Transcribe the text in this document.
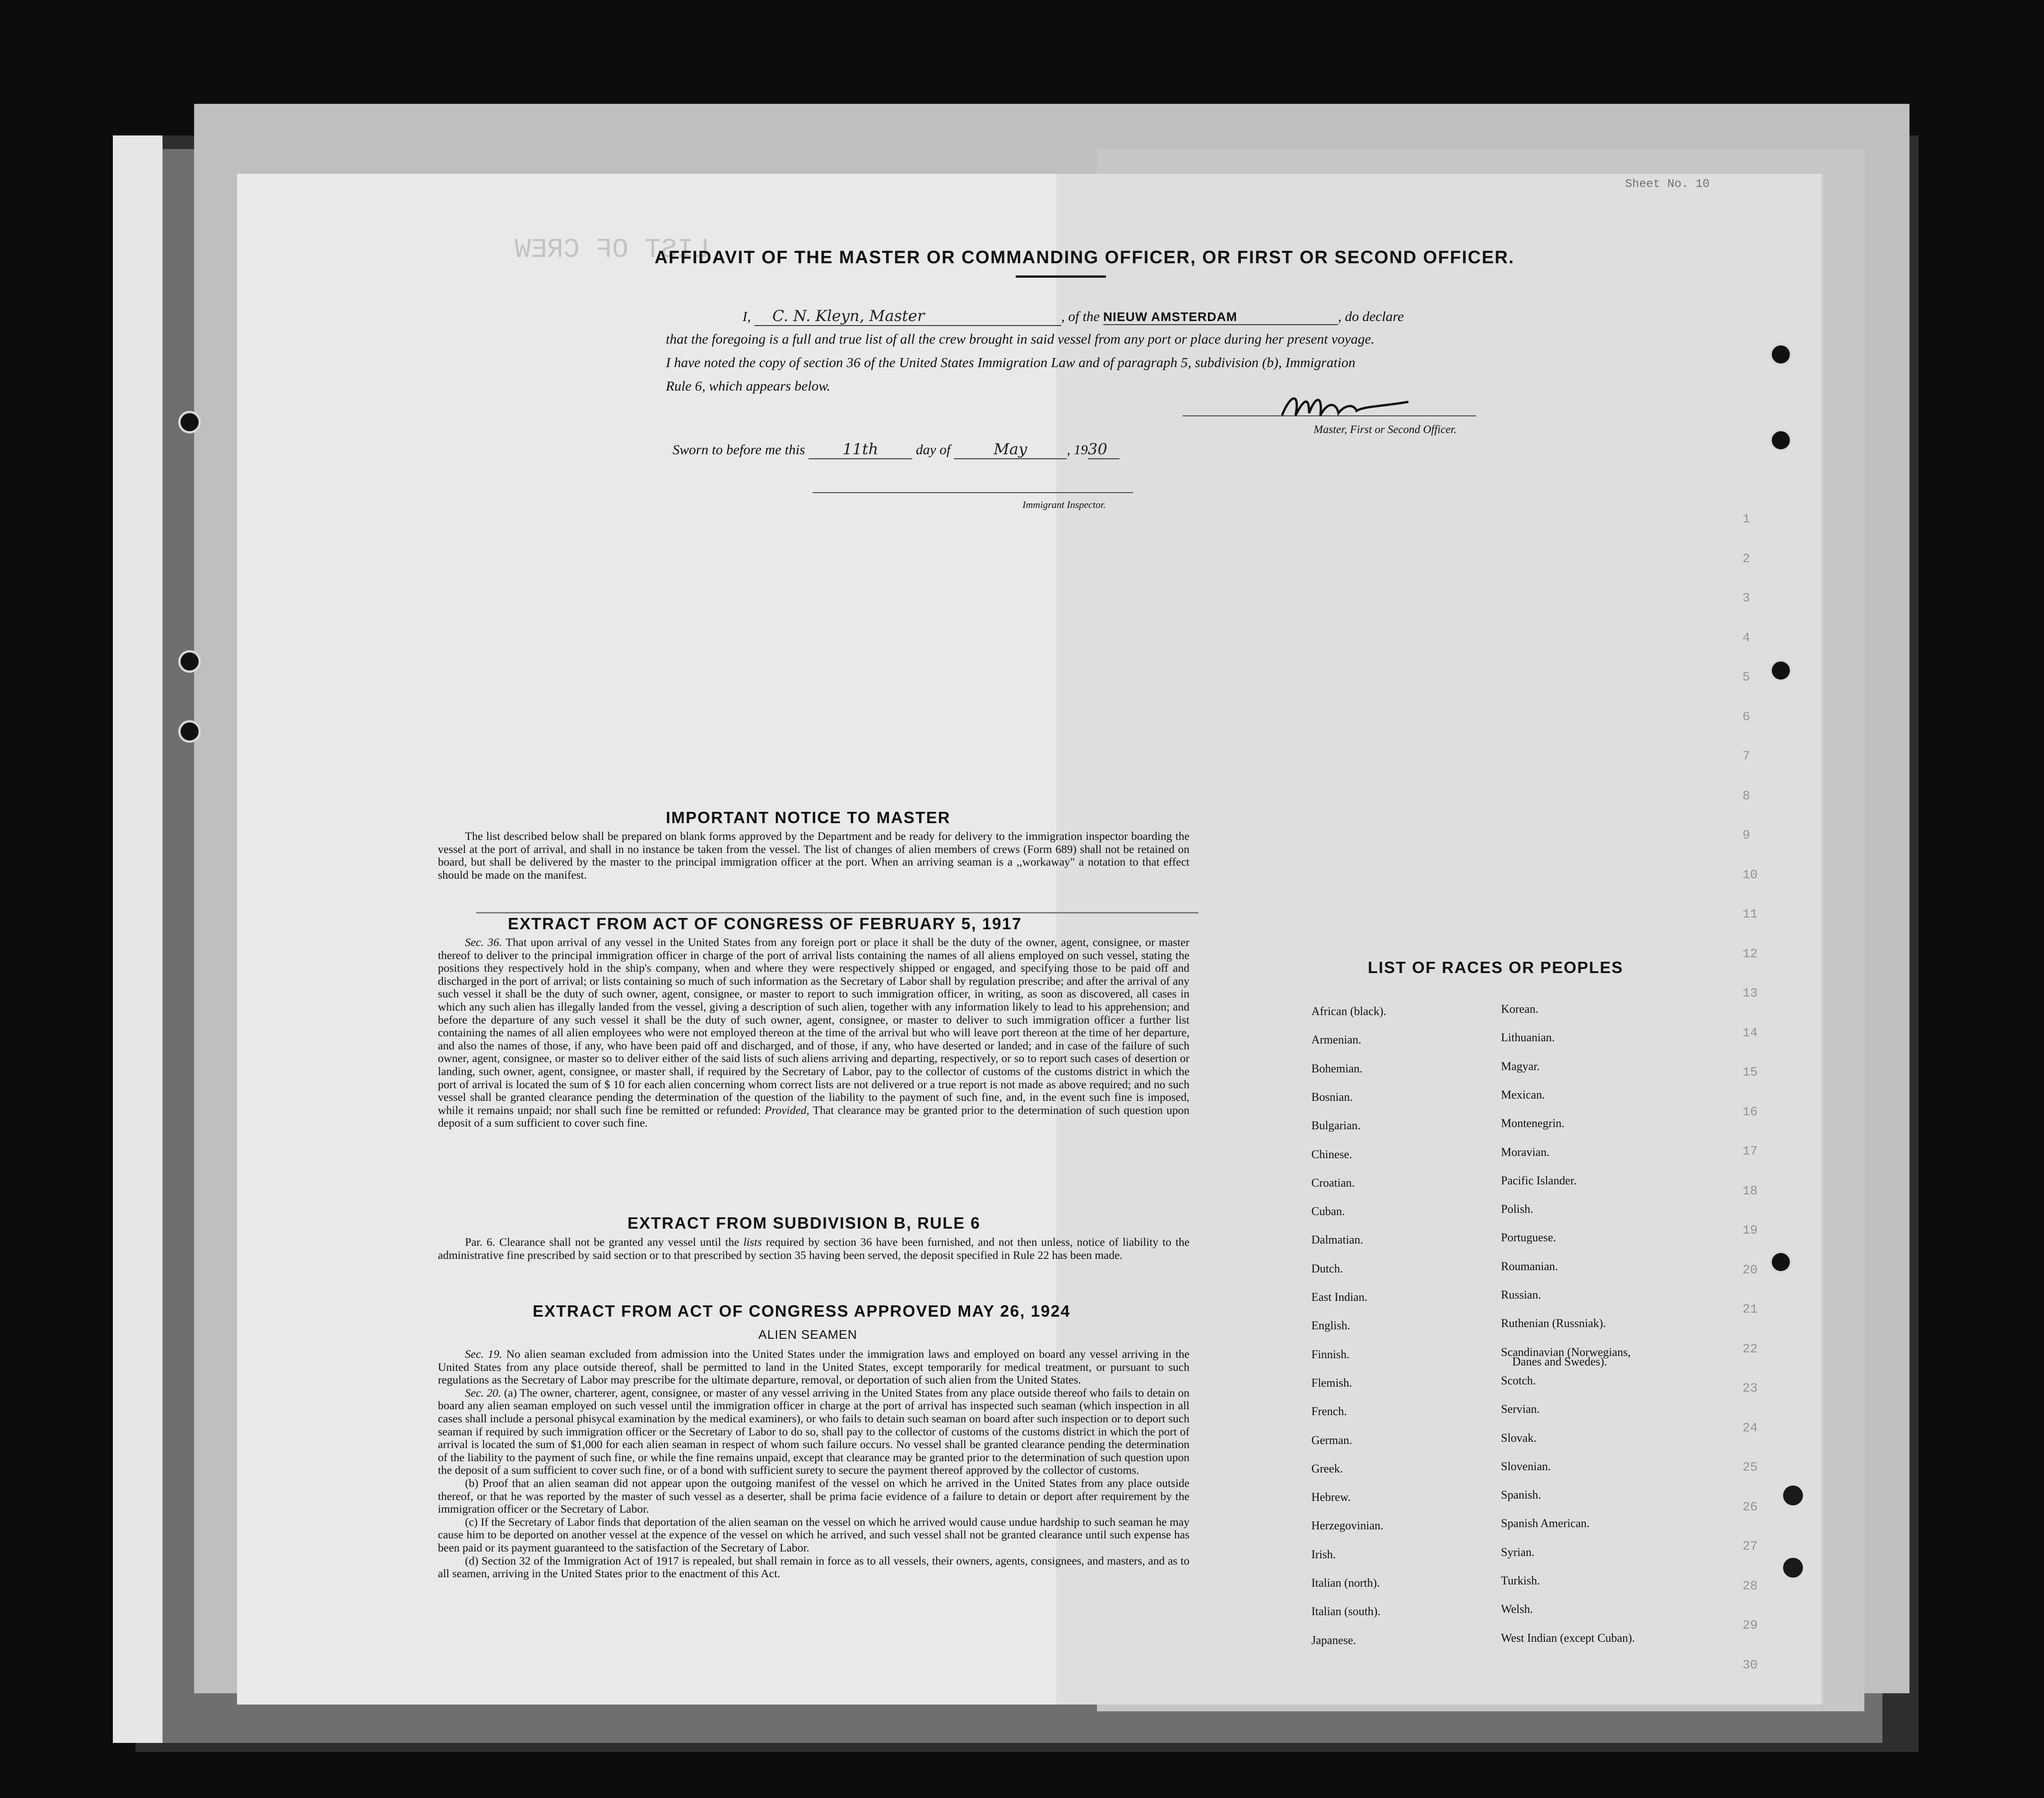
Sheet No. 10
LIST OF CREW
1
2
3
4
5
6
7
8
9
10
11
12
13
14
15
16
17
18
19
20
21
22
23
24
25
26
27
28
29
30
AFFIDAVIT OF THE MASTER OR COMMANDING OFFICER, OR FIRST OR SECOND OFFICER.
I, C. N. Kleyn, Master	, of the NIEUW AMSTERDAM	, do declare
that the foregoing is a full and true list of all the crew brought in said vessel from any port or place during her present voyage.
I have noted the copy of section 36 of the United States Immigration Law and of paragraph 5, subdivision (b), Immigration
Rule 6, which appears below.
Master, First or Second Officer.
Sworn to before me this 11th	day of	May	, 1930
Immigrant Inspector.
IMPORTANT NOTICE TO MASTER
The list described below shall be prepared on blank forms approved by the Department and be ready for delivery to the immigration inspector boarding the vessel at the port of arrival, and shall in no instance be taken from the vessel. The list of changes of alien members of crews (Form 689) shall not be retained on board, but shall be delivered by the master to the principal immigration officer at the port. When an arriving seaman is a ,,workaway" a notation to that effect should be made on the manifest.
EXTRACT FROM ACT OF CONGRESS OF FEBRUARY 5, 1917
Sec. 36. That upon arrival of any vessel in the United States from any foreign port or place it shall be the duty of the owner, agent, consignee, or master thereof to deliver to the principal immigration officer in charge of the port of arrival lists containing the names of all aliens employed on such vessel, stating the positions they respectively hold in the ship's company, when and where they were respectively shipped or engaged, and specifying those to be paid off and discharged in the port of arrival; or lists containing so much of such information as the Secretary of Labor shall by regulation prescribe; and after the arrival of any such vessel it shall be the duty of such owner, agent, consignee, or master to report to such immigration officer, in writing, as soon as discovered, all cases in which any such alien has illegally landed from the vessel, giving a description of such alien, together with any information likely to lead to his apprehension; and before the departure of any such vessel it shall be the duty of such owner, agent, consignee, or master to deliver to such immigration officer a further list containing the names of all alien employees who were not employed thereon at the time of the arrival but who will leave port thereon at the time of her departure, and also the names of those, if any, who have been paid off and discharged, and of those, if any, who have deserted or landed; and in case of the failure of such owner, agent, consignee, or master so to deliver either of the said lists of such aliens arriving and departing, respectively, or so to report such cases of desertion or landing, such owner, agent, consignee, or master shall, if required by the Secretary of Labor, pay to the collector of customs of the customs district in which the port of arrival is located the sum of $ 10 for each alien concerning whom correct lists are not delivered or a true report is not made as above required; and no such vessel shall be granted clearance pending the determination of the question of the liability to the payment of such fine, and, in the event such fine is imposed, while it remains unpaid; nor shall such fine be remitted or refunded: Provided, That clearance may be granted prior to the determination of such question upon deposit of a sum sufficient to cover such fine.
EXTRACT FROM SUBDIVISION B, RULE 6
Par. 6. Clearance shall not be granted any vessel until the lists required by section 36 have been furnished, and not then unless, notice of liability to the administrative fine prescribed by said section or to that prescribed by section 35 having been served, the deposit specified in Rule 22 has been made.
EXTRACT FROM ACT OF CONGRESS APPROVED MAY 26, 1924
ALIEN SEAMEN
Sec. 19. No alien seaman excluded from admission into the United States under the immigration laws and employed on board any vessel arriving in the United States from any place outside thereof, shall be permitted to land in the United States, except temporarily for medical treatment, or pursuant to such regulations as the Secretary of Labor may prescribe for the ultimate departure, removal, or deportation of such alien from the United States.
Sec. 20. (a) The owner, charterer, agent, consignee, or master of any vessel arriving in the United States from any place outside thereof who fails to detain on board any alien seaman employed on such vessel until the immigration officer in charge at the port of arrival has inspected such seaman (which inspection in all cases shall include a personal phisycal examination by the medical examiners), or who fails to detain such seaman on board after such inspection or to deport such seaman if required by such immigration officer or the Secretary of Labor to do so, shall pay to the collector of customs of the customs district in which the port of arrival is located the sum of $1,000 for each alien seaman in respect of whom such failure occurs. No vessel shall be granted clearance pending the determination of the liability to the payment of such fine, or while the fine remains unpaid, except that clearance may be granted prior to the determination of such question upon the deposit of a sum sufficient to cover such fine, or of a bond with sufficient surety to secure the payment thereof approved by the collector of customs.
(b) Proof that an alien seaman did not appear upon the outgoing manifest of the vessel on which he arrived in the United States from any place outside thereof, or that he was reported by the master of such vessel as a deserter, shall be prima facie evidence of a failure to detain or deport after requirement by the immigration officer or the Secretary of Labor.
(c) If the Secretary of Labor finds that deportation of the alien seaman on the vessel on which he arrived would cause undue hardship to such seaman he may cause him to be deported on another vessel at the expence of the vessel on which he arrived, and such vessel shall not be granted clearance until such expense has been paid or its payment guaranteed to the satisfaction of the Secretary of Labor.
(d) Section 32 of the Immigration Act of 1917 is repealed, but shall remain in force as to all vessels, their owners, agents, consignees, and masters, and as to all seamen, arriving in the United States prior to the enactment of this Act.
LIST OF RACES OR PEOPLES
African (black).
Armenian.
Bohemian.
Bosnian.
Bulgarian.
Chinese.
Croatian.
Cuban.
Dalmatian.
Dutch.
East Indian.
English.
Finnish.
Flemish.
French.
German.
Greek.
Hebrew.
Herzegovinian.
Irish.
Italian (north).
Italian (south).
Japanese.
Korean.
Lithuanian.
Magyar.
Mexican.
Montenegrin.
Moravian.
Pacific Islander.
Polish.
Portuguese.
Roumanian.
Russian.
Ruthenian (Russniak).
Scandinavian (Norwegians,
Scotch.
Servian.
Slovak.
Slovenian.
Spanish.
Spanish American.
Syrian.
Turkish.
Welsh.
West Indian (except Cuban).
Danes and Swedes).
